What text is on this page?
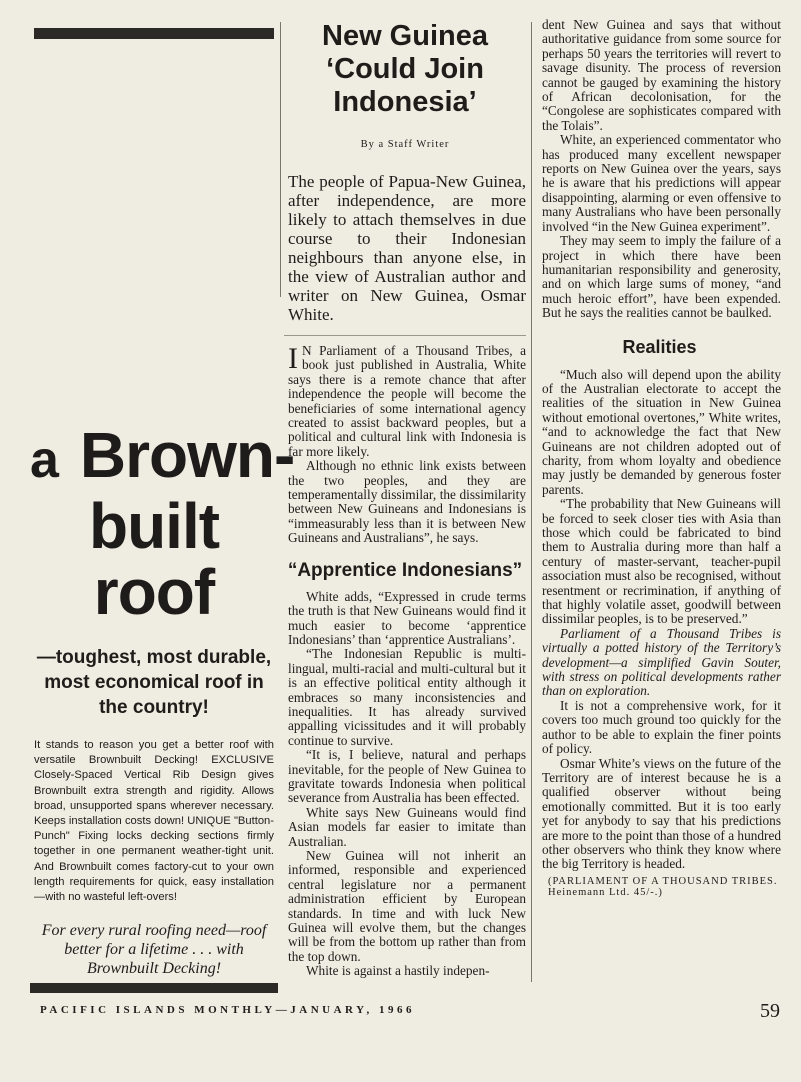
a Brown-
built
roof
—toughest, most durable, most economical roof in the country!
It stands to reason you get a better roof with versatile Brownbuilt Decking! EXCLUSIVE Closely-Spaced Vertical Rib Design gives Brownbuilt extra strength and rigidity. Allows broad, unsupported spans wherever necessary. Keeps installation costs down! UNIQUE "Button-Punch" Fixing locks decking sections firmly together in one permanent weather-tight unit. And Brownbuilt comes factory-cut to your own length requirements for quick, easy installation—with no wasteful left-overs!
For every rural roofing need—roof better for a lifetime . . . with Brownbuilt Decking!
New Guinea
‘Could Join
Indonesia’
By a Staff Writer
The people of Papua-New Guinea, after independence, are more likely to attach themselves in due course to their Indonesian neighbours than anyone else, in the view of Australian author and writer on New Guinea, Osmar White.

I N Parliament of a Thousand Tribes, a book just published in Australia, White says there is a remote chance that after independence the people will become the beneficiaries of some international agency created to assist backward peoples, but a political and cultural link with Indonesia is far more likely.

Although no ethnic link exists between the two peoples, and they are temperamentally dissimilar, the dissimilarity between New Guineans and Indonesians is “immeasurably less than it is between New Guineans and Australians”, he says.

“Apprentice Indonesians”

White adds, “Expressed in crude terms the truth is that New Guineans would find it much easier to become ‘apprentice Indonesians’ than ‘apprentice Australians’.

“The Indonesian Republic is multi-lingual, multi-racial and multi-cultural but it is an effective political entity although it embraces so many inconsistencies and inequalities. It has already survived appalling vicissitudes and it will probably continue to survive.

“It is, I believe, natural and perhaps inevitable, for the people of New Guinea to gravitate towards Indonesia when political severance from Australia has been effected.

White says New Guineans would find Asian models far easier to imitate than Australian.

New Guinea will not inherit an informed, responsible and experienced central legislature nor a permanent administration efficient by European standards. In time and with luck New Guinea will evolve them, but the changes will be from the bottom up rather than from the top down.

White is against a hastily indepen-

dent New Guinea and says that without authoritative guidance from some source for perhaps 50 years the territories will revert to savage disunity. The process of reversion cannot be gauged by examining the history of African decolonisation, for the “Congolese are sophisticates compared with the Tolais”.

White, an experienced commentator who has produced many excellent newspaper reports on New Guinea over the years, says he is aware that his predictions will appear disappointing, alarming or even offensive to many Australians who have been personally involved “in the New Guinea experiment”.

They may seem to imply the failure of a project in which there have been humanitarian responsibility and generosity, and on which large sums of money, “and much heroic effort”, have been expended. But he says the realities cannot be baulked.

Realities

“Much also will depend upon the ability of the Australian electorate to accept the realities of the situation in New Guinea without emotional overtones,” White writes, “and to acknowledge the fact that New Guineans are not children adopted out of charity, from whom loyalty and obedience may justly be demanded by generous foster parents.

“The probability that New Guineans will be forced to seek closer ties with Asia than those which could be fabricated to bind them to Australia during more than half a century of master-servant, teacher-pupil association must also be recognised, without resentment or recrimination, if anything of that highly volatile asset, goodwill between dissimilar peoples, is to be preserved.”

Parliament of a Thousand Tribes is virtually a potted history of the Territory’s development—a simplified Gavin Souter, with stress on political developments rather than on exploration.

It is not a comprehensive work, for it covers too much ground too quickly for the author to be able to explain the finer points of policy.

Osmar White’s views on the future of the Territory are of interest because he is a qualified observer without being emotionally committed. But it is too early yet for anybody to say that his predictions are more to the point than those of a hundred other observers who think they know where the big Territory is headed.

(PARLIAMENT OF A THOUSAND TRIBES. Heinemann Ltd. 45/-.)
PACIFIC ISLANDS MONTHLY—JANUARY, 1966	59
